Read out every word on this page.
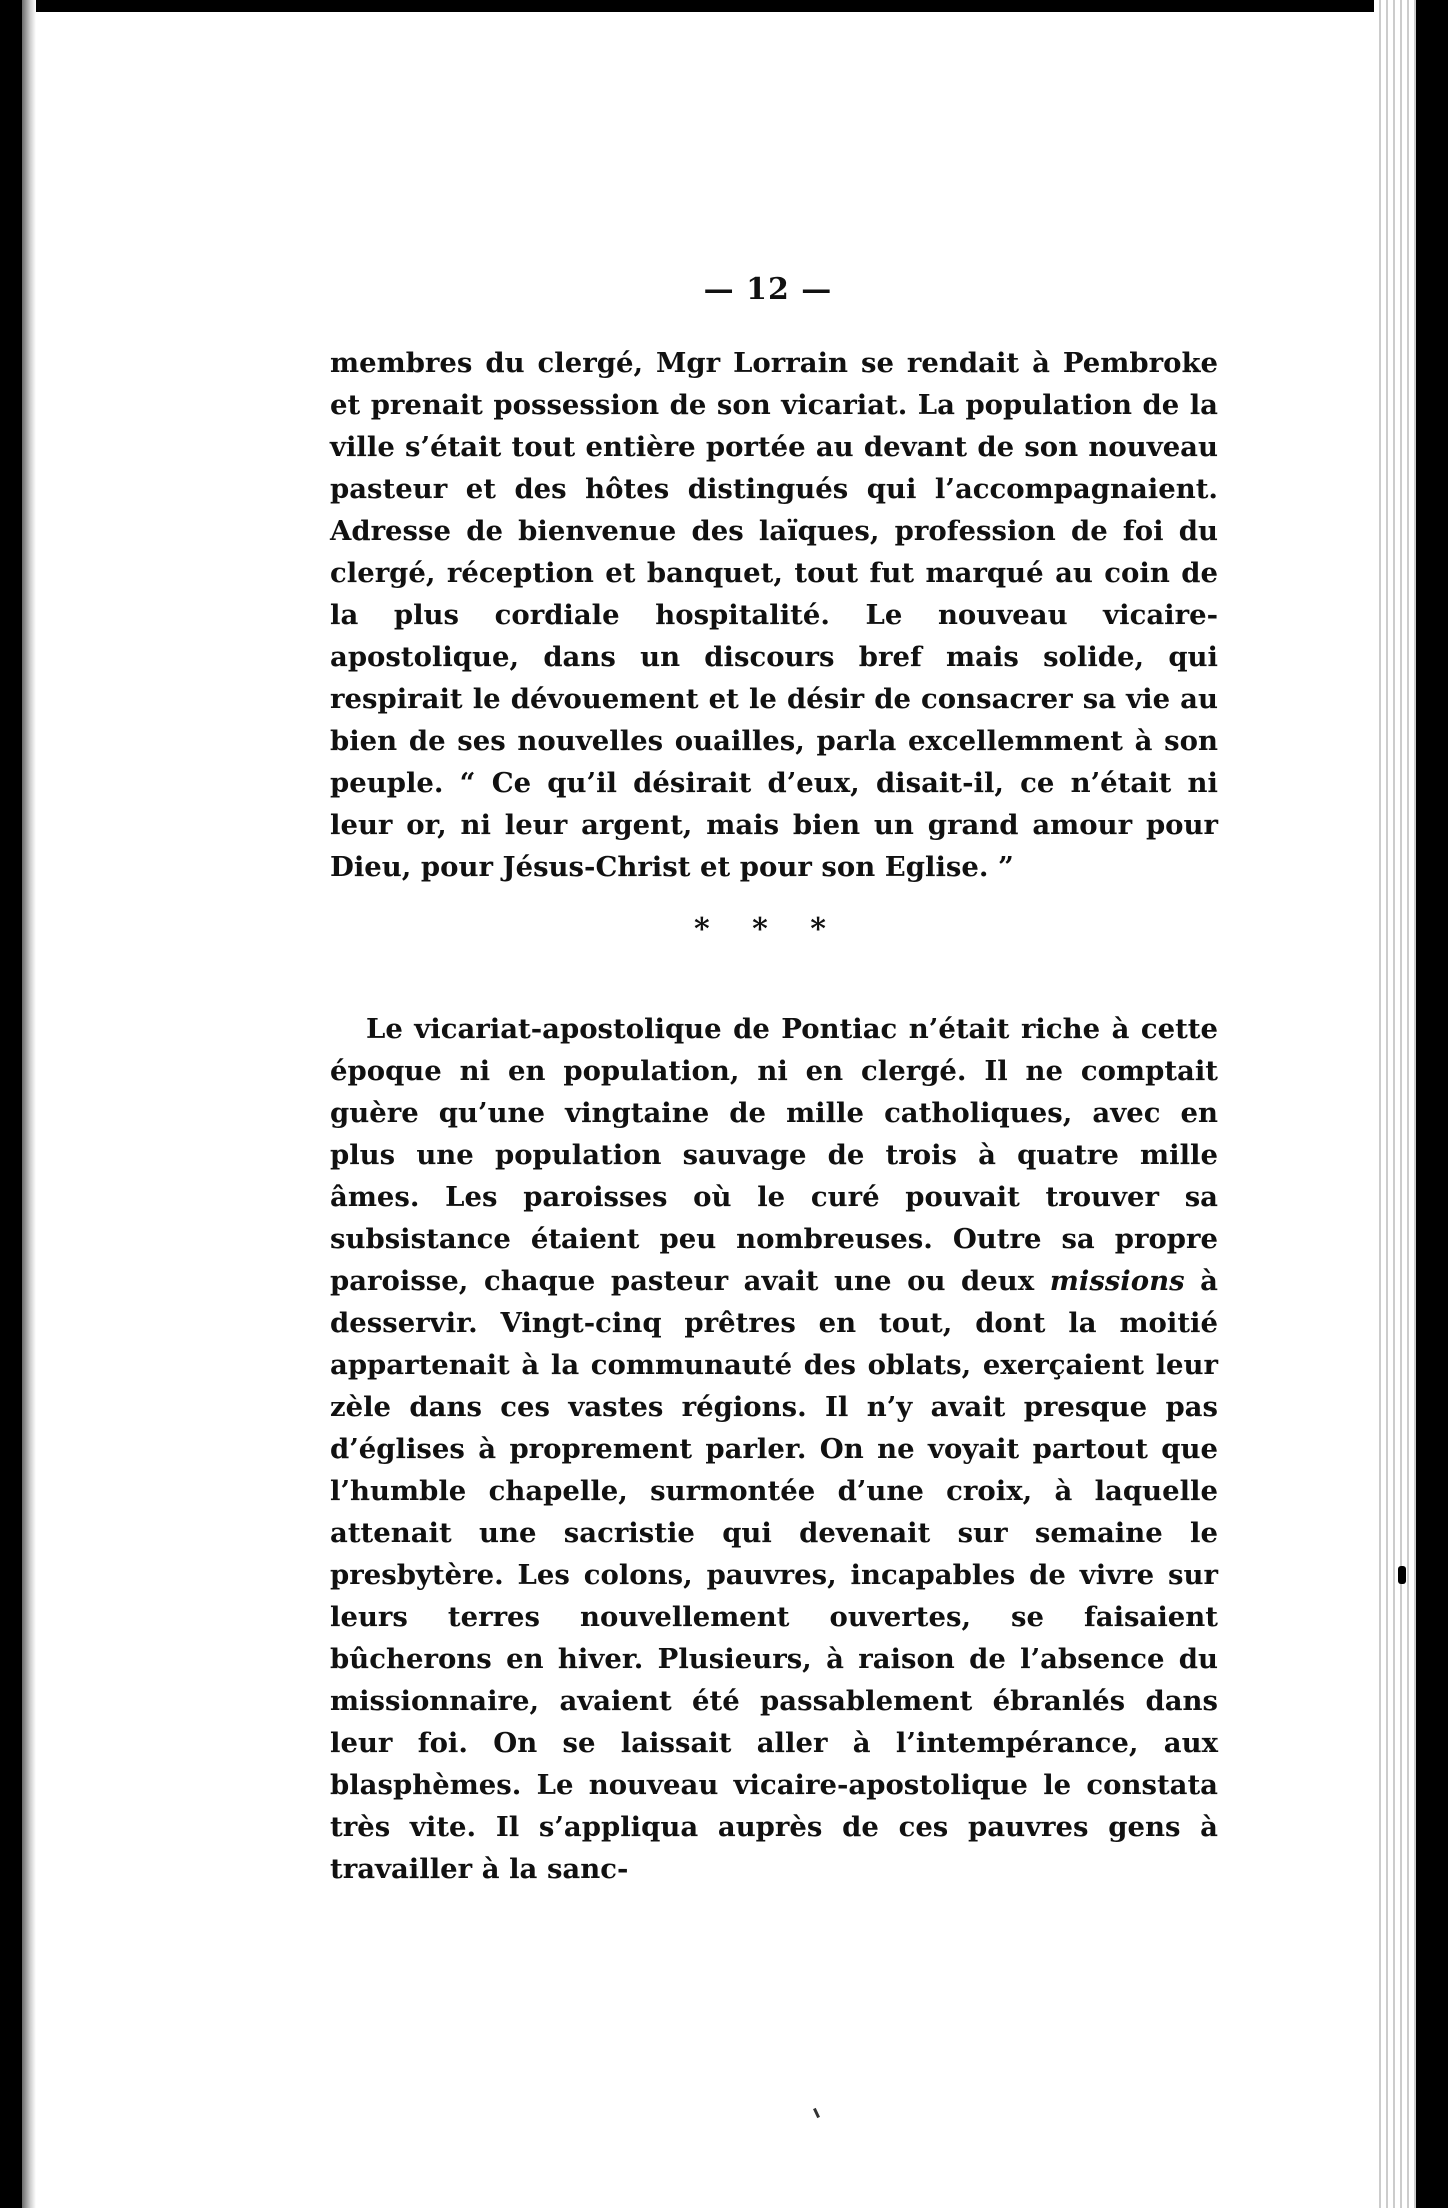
— 12 —

membres du clergé, Mgr Lorrain se rendait à Pembroke et prenait possession de son vicariat. La population de la ville s’était tout entière portée au devant de son nouveau pasteur et des hôtes distingués qui l’accompagnaient. Adresse de bienvenue des laïques, profession de foi du clergé, réception et banquet, tout fut marqué au coin de la plus cordiale hospitalité. Le nouveau vicaire-apostolique, dans un discours bref mais solide, qui respirait le dévouement et le désir de consacrer sa vie au bien de ses nouvelles ouailles, parla excellemment à son peuple. “ Ce qu’il désirait d’eux, disait-il, ce n’était ni leur or, ni leur argent, mais bien un grand amour pour Dieu, pour Jésus-Christ et pour son Eglise. ”

* * *

Le vicariat-apostolique de Pontiac n’était riche à cette époque ni en population, ni en clergé. Il ne comptait guère qu’une vingtaine de mille catholiques, avec en plus une population sauvage de trois à quatre mille âmes. Les paroisses où le curé pouvait trouver sa subsistance étaient peu nombreuses. Outre sa propre paroisse, chaque pasteur avait une ou deux missions à desservir. Vingt-cinq prêtres en tout, dont la moitié appartenait à la communauté des oblats, exerçaient leur zèle dans ces vastes régions. Il n’y avait presque pas d’églises à proprement parler. On ne voyait partout que l’humble chapelle, surmontée d’une croix, à laquelle attenait une sacristie qui devenait sur semaine le presbytère. Les colons, pauvres, incapables de vivre sur leurs terres nouvellement ouvertes, se faisaient bûcherons en hiver. Plusieurs, à raison de l’absence du missionnaire, avaient été passablement ébranlés dans leur foi. On se laissait aller à l’intempérance, aux blasphèmes. Le nouveau vicaire-apostolique le constata très vite. Il s’appliqua auprès de ces pauvres gens à travailler à la sanc-
